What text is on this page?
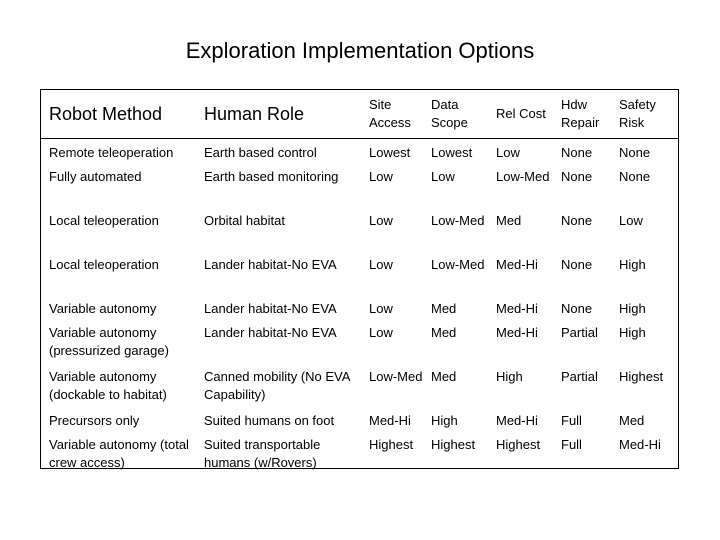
Exploration Implementation Options
Robot Method	Human Role	Site Access	Data Scope	Rel Cost	Hdw Repair	Safety Risk
Remote teleoperation	Earth based control	Lowest	Lowest	Low	None	None
Fully automated	Earth based monitoring	Low	Low	Low-Med	None	None
Local teleoperation	Orbital habitat	Low	Low-Med	Med	None	Low
Local teleoperation	Lander habitat-No EVA	Low	Low-Med	Med-Hi	None	High
Variable autonomy	Lander habitat-No EVA	Low	Med	Med-Hi	None	High
Variable autonomy (pressurized garage)	Lander habitat-No EVA	Low	Med	Med-Hi	Partial	High
Variable autonomy (dockable to habitat)	Canned mobility (No EVA Capability)	Low-Med	Med	High	Partial	Highest
Precursors only	Suited humans on foot	Med-Hi	High	Med-Hi	Full	Med
Variable autonomy (total crew access)	Suited transportable humans (w/Rovers)	Highest	Highest	Highest	Full	Med-Hi
